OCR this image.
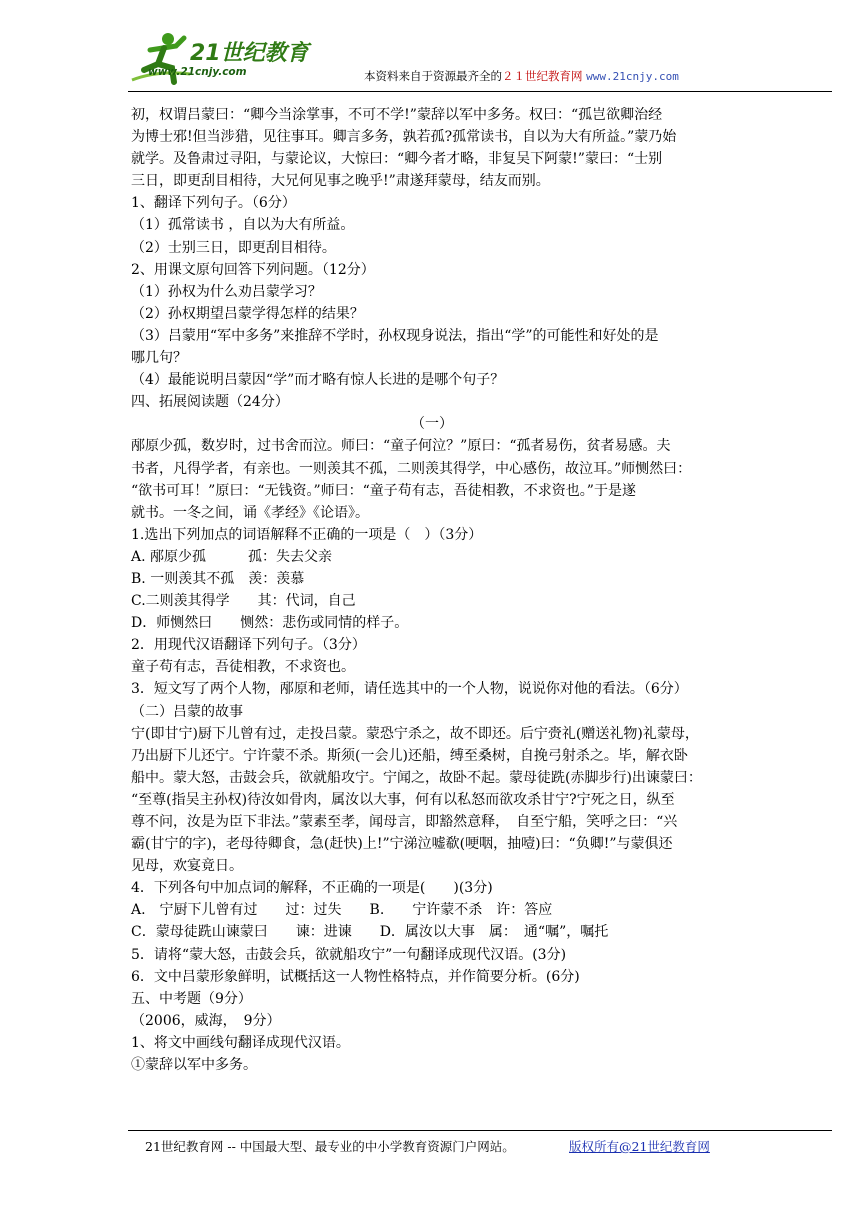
21世纪教育
www.21cnjy.com	本资料来自于资源最齐全的２１世纪教育网 www.21cnjy.com
初，权谓吕蒙曰：“卿今当涂掌事，不可不学!”蒙辞以军中多务。权曰：“孤岂欲卿治经
为博士邪!但当涉猎，见往事耳。卿言多务，孰若孤?孤常读书，自以为大有所益。”蒙乃始
就学。及鲁肃过寻阳，与蒙论议，大惊曰：“卿今者才略，非复吴下阿蒙!”蒙曰：“士别
三日，即更刮目相待，大兄何见事之晚乎!”肃遂拜蒙母，结友而别。
1、翻译下列句子。（6分）
（1）孤常读书 ，自以为大有所益。
（2）士别三日，即更刮目相待。
2、用课文原句回答下列问题。（12分）
（1）孙权为什么劝吕蒙学习？
（2）孙权期望吕蒙学得怎样的结果？
（3）吕蒙用“军中多务”来推辞不学时，孙权现身说法，指出“学”的可能性和好处的是
哪几句？
（4）最能说明吕蒙因“学”而才略有惊人长进的是哪个句子？
四、拓展阅读题（24分）
（一）
邴原少孤，数岁时，过书舍而泣。师曰：“童子何泣？”原曰：“孤者易伤，贫者易感。夫
书者，凡得学者，有亲也。一则羡其不孤，二则羡其得学，中心感伤，故泣耳。”师恻然曰：
“欲书可耳！”原曰：“无钱资。”师曰：“童子苟有志，吾徒相教，不求资也。”于是遂
就书。一冬之间，诵《孝经》《论语》。
1.选出下列加点的词语解释不正确的一项是（　）（3分）
A. 邴原少孤　　　孤：失去父亲
B. 一则羡其不孤　羡：羡慕
C.二则羡其得学　　其：代词，自己
D．师恻然曰　　恻然：悲伤或同情的样子。
2．用现代汉语翻译下列句子。（3分）
童子苟有志，吾徒相教，不求资也。
3．短文写了两个人物，邴原和老师，请任选其中的一个人物，说说你对他的看法。（6分）
（二）吕蒙的故事
宁(即甘宁)厨下儿曾有过，走投吕蒙。蒙恐宁杀之，故不即还。后宁赍礼(赠送礼物)礼蒙母，
乃出厨下儿还宁。宁许蒙不杀。斯须(一会儿)还船，缚至桑树，自挽弓射杀之。毕，解衣卧
船中。蒙大怒，击鼓会兵，欲就船攻宁。宁闻之，故卧不起。蒙母徒跣(赤脚步行)出谏蒙曰：
“至尊(指吴主孙权)待汝如骨肉，属汝以大事，何有以私怒而欲攻杀甘宁?宁死之日，纵至
尊不问，汝是为臣下非法。”蒙素至孝，闻母言，即豁然意释，　自至宁船，笑呼之曰：“兴
霸(甘宁的字)，老母待卿食，急(赶快)上!”宁涕泣嘘欷(哽咽，抽噎)曰：“负卿!”与蒙俱还
见母，欢宴竟日。
4．下列各句中加点词的解释，不正确的一项是(　　)(3分)
A.　宁厨下儿曾有过　　过：过失　　B.　　宁许蒙不杀　许：答应
C．蒙母徒跣山谏蒙曰　　谏：进谏　　D．属汝以大事　属：　通“嘱”，嘱托
5．请将“蒙大怒，击鼓会兵，欲就船攻宁”一句翻译成现代汉语。(3分)
6．文中吕蒙形象鲜明，试概括这一人物性格特点，并作简要分析。(6分)
五、中考题（9分）
（2006，威海，　9分）
1、将文中画线句翻译成现代汉语。
①蒙辞以军中多务。
21世纪教育网 -- 中国最大型、最专业的中小学教育资源门户网站。	版权所有@21世纪教育网
